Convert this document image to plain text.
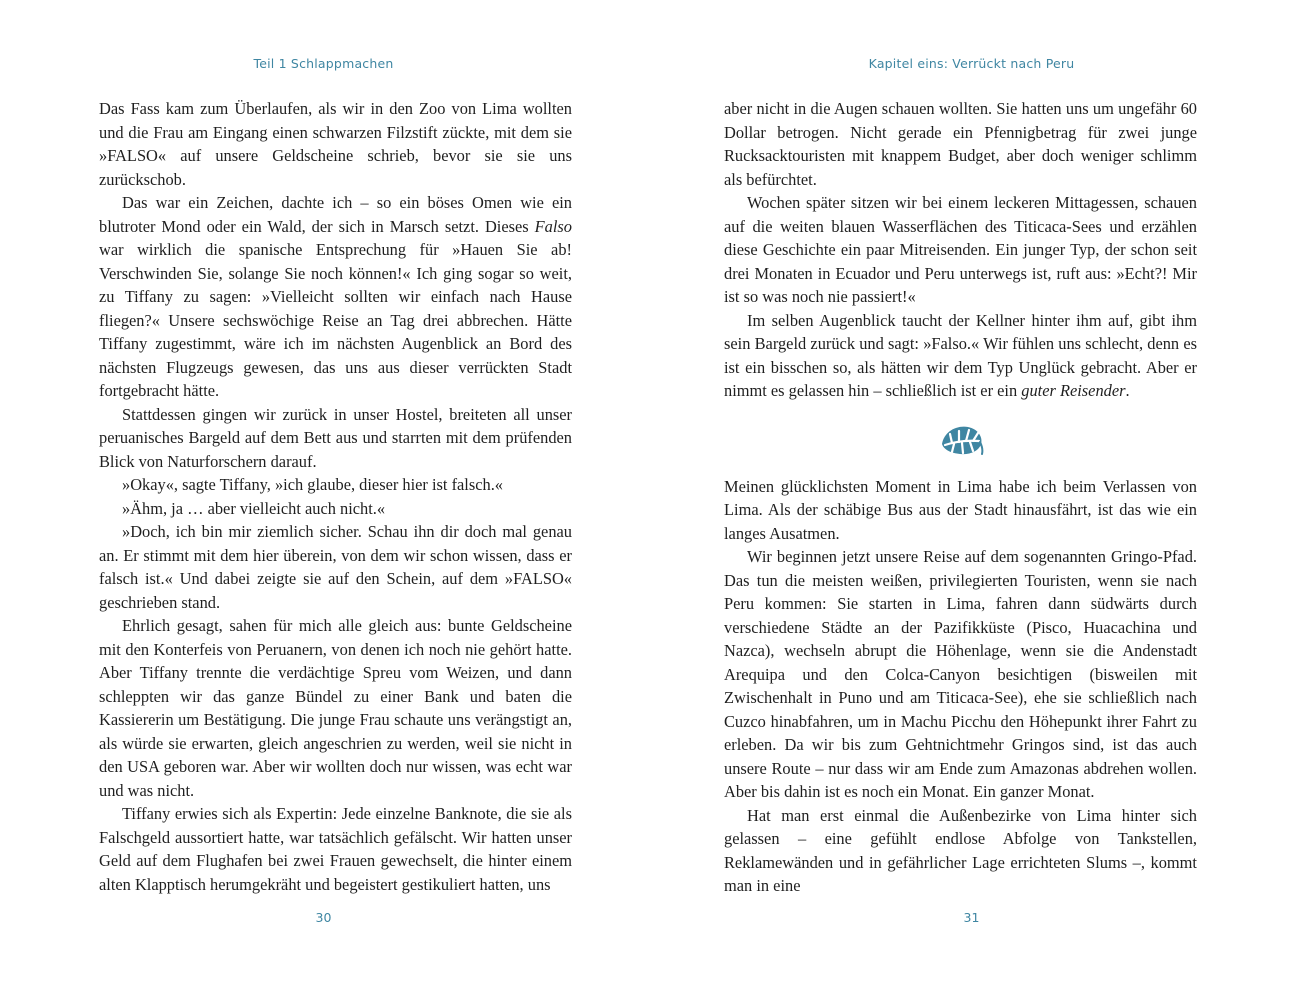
Teil 1 Schlappmachen

Das Fass kam zum Überlaufen, als wir in den Zoo von Lima wollten und die Frau am Eingang einen schwarzen Filzstift zückte, mit dem sie »FALSO« auf unsere Geldscheine schrieb, bevor sie sie uns zurückschob.

Das war ein Zeichen, dachte ich – so ein böses Omen wie ein blutroter Mond oder ein Wald, der sich in Marsch setzt. Dieses Falso war wirklich die spanische Entsprechung für »Hauen Sie ab! Verschwinden Sie, solange Sie noch können!« Ich ging sogar so weit, zu Tiffany zu sagen: »Vielleicht sollten wir einfach nach Hause fliegen?« Unsere sechswöchige Reise an Tag drei abbrechen. Hätte Tiffany zugestimmt, wäre ich im nächsten Augenblick an Bord des nächsten Flugzeugs gewesen, das uns aus dieser verrückten Stadt fortgebracht hätte.

Stattdessen gingen wir zurück in unser Hostel, breiteten all unser peruanisches Bargeld auf dem Bett aus und starrten mit dem prüfenden Blick von Naturforschern darauf.

»Okay«, sagte Tiffany, »ich glaube, dieser hier ist falsch.«

»Ähm, ja … aber vielleicht auch nicht.«

»Doch, ich bin mir ziemlich sicher. Schau ihn dir doch mal genau an. Er stimmt mit dem hier überein, von dem wir schon wissen, dass er falsch ist.« Und dabei zeigte sie auf den Schein, auf dem »FALSO« geschrieben stand.

Ehrlich gesagt, sahen für mich alle gleich aus: bunte Geldscheine mit den Konterfeis von Peruanern, von denen ich noch nie gehört hatte. Aber Tiffany trennte die verdächtige Spreu vom Weizen, und dann schleppten wir das ganze Bündel zu einer Bank und baten die Kassiererin um Bestätigung. Die junge Frau schaute uns verängstigt an, als würde sie erwarten, gleich angeschrien zu werden, weil sie nicht in den USA geboren war. Aber wir wollten doch nur wissen, was echt war und was nicht.

Tiffany erwies sich als Expertin: Jede einzelne Banknote, die sie als Falschgeld aussortiert hatte, war tatsächlich gefälscht. Wir hatten unser Geld auf dem Flughafen bei zwei Frauen gewechselt, die hinter einem alten Klapptisch herumgekräht und begeistert gestikuliert hatten, uns

30
Kapitel eins: Verrückt nach Peru

aber nicht in die Augen schauen wollten. Sie hatten uns um ungefähr 60 Dollar betrogen. Nicht gerade ein Pfennigbetrag für zwei junge Rucksacktouristen mit knappem Budget, aber doch weniger schlimm als befürchtet.

Wochen später sitzen wir bei einem leckeren Mittagessen, schauen auf die weiten blauen Wasserflächen des Titicaca-Sees und erzählen diese Geschichte ein paar Mitreisenden. Ein junger Typ, der schon seit drei Monaten in Ecuador und Peru unterwegs ist, ruft aus: »Echt?! Mir ist so was noch nie passiert!«

Im selben Augenblick taucht der Kellner hinter ihm auf, gibt ihm sein Bargeld zurück und sagt: »Falso.« Wir fühlen uns schlecht, denn es ist ein bisschen so, als hätten wir dem Typ Unglück gebracht. Aber er nimmt es gelassen hin – schließlich ist er ein guter Reisender.

Meinen glücklichsten Moment in Lima habe ich beim Verlassen von Lima. Als der schäbige Bus aus der Stadt hinausfährt, ist das wie ein langes Ausatmen.

Wir beginnen jetzt unsere Reise auf dem sogenannten Gringo-Pfad. Das tun die meisten weißen, privilegierten Touristen, wenn sie nach Peru kommen: Sie starten in Lima, fahren dann südwärts durch verschiedene Städte an der Pazifikküste (Pisco, Huacachina und Nazca), wechseln abrupt die Höhenlage, wenn sie die Andenstadt Arequipa und den Colca-Canyon besichtigen (bisweilen mit Zwischenhalt in Puno und am Titicaca-See), ehe sie schließlich nach Cuzco hinabfahren, um in Machu Picchu den Höhepunkt ihrer Fahrt zu erleben. Da wir bis zum Gehtnichtmehr Gringos sind, ist das auch unsere Route – nur dass wir am Ende zum Amazonas abdrehen wollen. Aber bis dahin ist es noch ein Monat. Ein ganzer Monat.

Hat man erst einmal die Außenbezirke von Lima hinter sich gelassen – eine gefühlt endlose Abfolge von Tankstellen, Reklamewänden und in gefährlicher Lage errichteten Slums –, kommt man in eine

31
